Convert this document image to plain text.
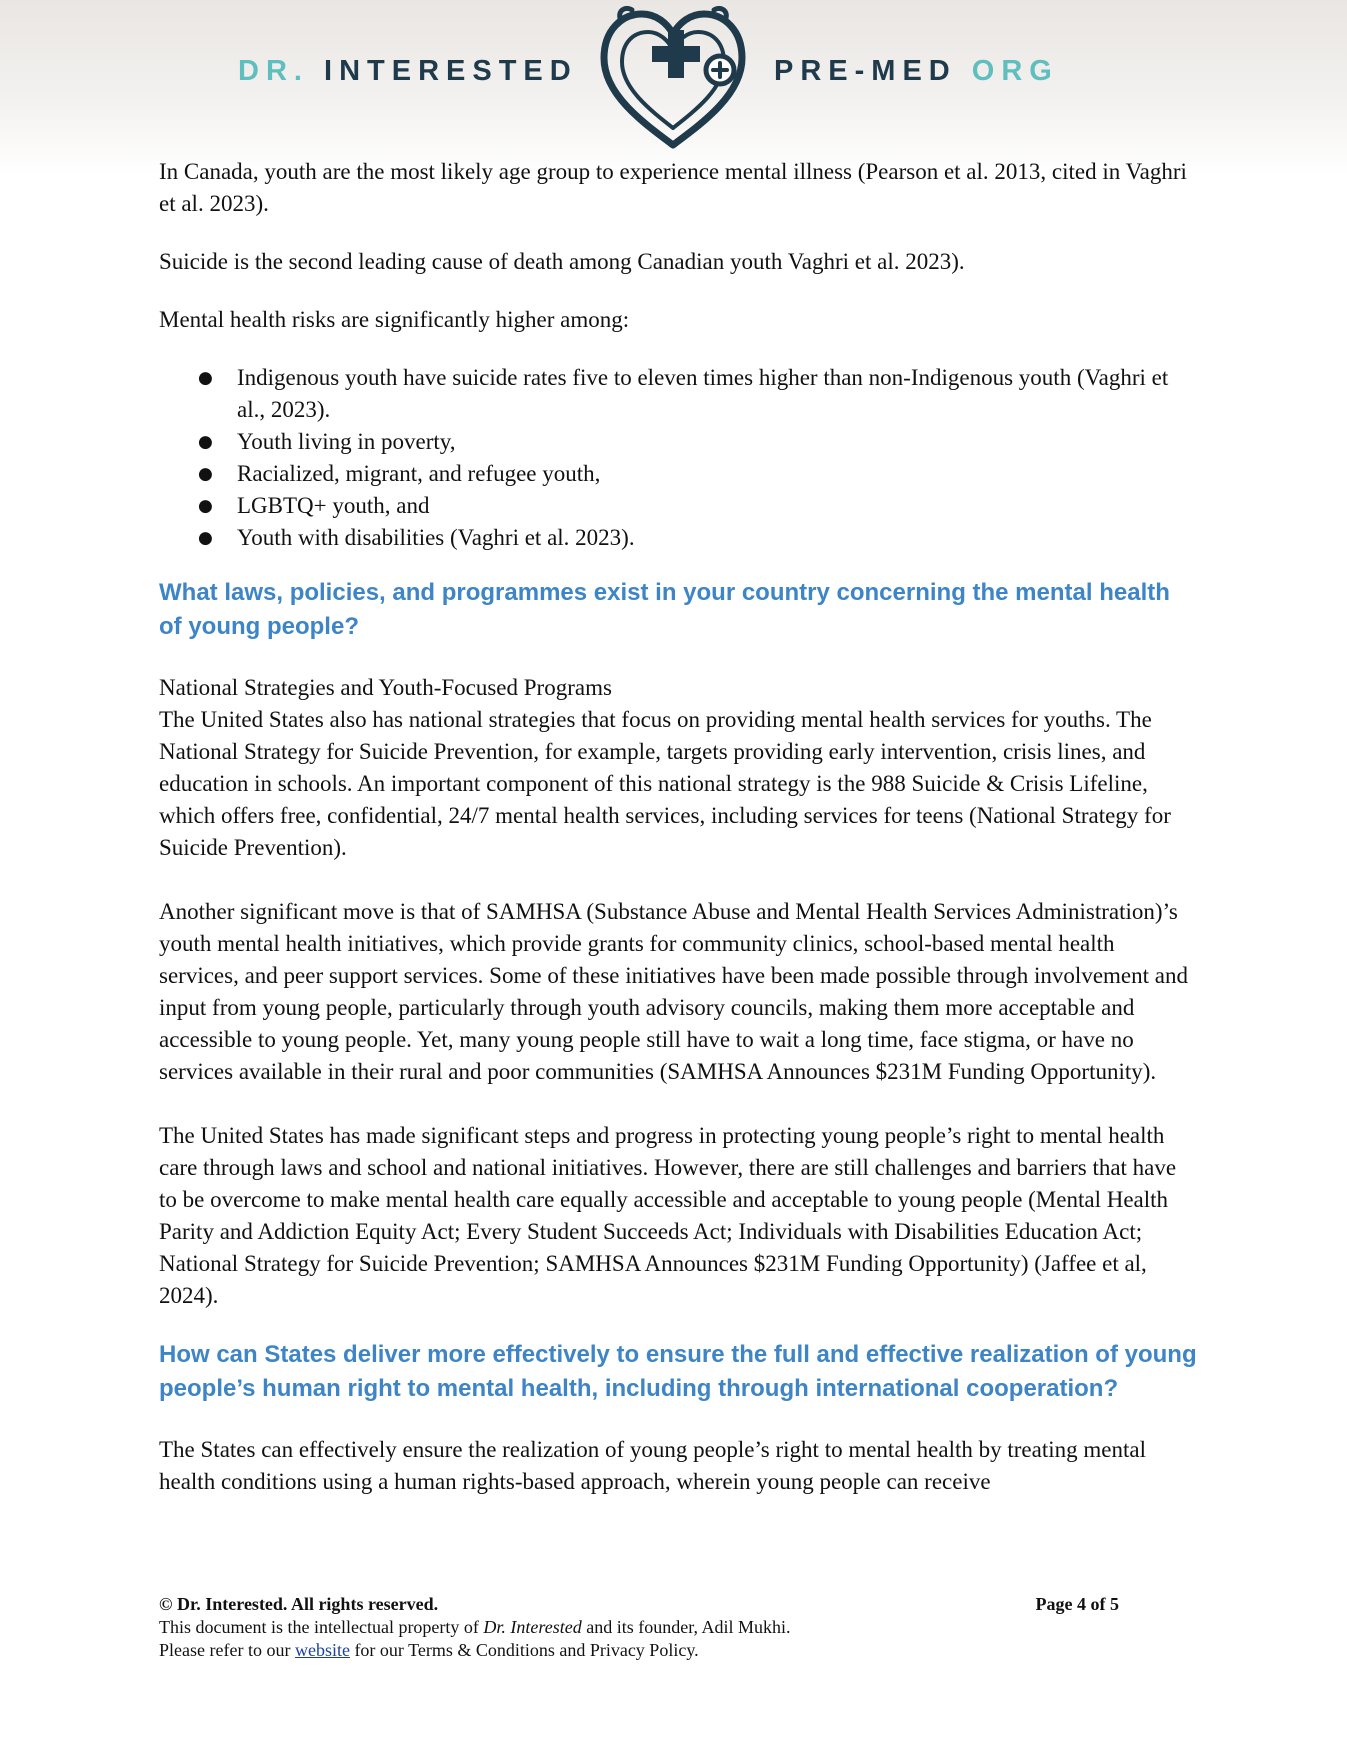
DR. INTERESTED	PRE-MED ORG

In Canada, youth are the most likely age group to experience mental illness (Pearson et al. 2013, cited in Vaghri et al. 2023).

Suicide is the second leading cause of death among Canadian youth Vaghri et al. 2023).

Mental health risks are significantly higher among:

● Indigenous youth have suicide rates five to eleven times higher than non-Indigenous youth (Vaghri et al., 2023).
● Youth living in poverty,
● Racialized, migrant, and refugee youth,
● LGBTQ+ youth, and
● Youth with disabilities (Vaghri et al. 2023).
What laws, policies, and programmes exist in your country concerning the mental health of young people?

National Strategies and Youth-Focused Programs

The United States also has national strategies that focus on providing mental health services for youths. The National Strategy for Suicide Prevention, for example, targets providing early intervention, crisis lines, and education in schools. An important component of this national strategy is the 988 Suicide & Crisis Lifeline, which offers free, confidential, 24/7 mental health services, including services for teens (National Strategy for Suicide Prevention).

Another significant move is that of SAMHSA (Substance Abuse and Mental Health Services Administration)’s youth mental health initiatives, which provide grants for community clinics, school-based mental health services, and peer support services. Some of these initiatives have been made possible through involvement and input from young people, particularly through youth advisory councils, making them more acceptable and accessible to young people. Yet, many young people still have to wait a long time, face stigma, or have no services available in their rural and poor communities (SAMHSA Announces $231M Funding Opportunity).

The United States has made significant steps and progress in protecting young people’s right to mental health care through laws and school and national initiatives. However, there are still challenges and barriers that have to be overcome to make mental health care equally accessible and acceptable to young people (Mental Health Parity and Addiction Equity Act; Every Student Succeeds Act; Individuals with Disabilities Education Act; National Strategy for Suicide Prevention; SAMHSA Announces $231M Funding Opportunity) (Jaffee et al, 2024).

How can States deliver more effectively to ensure the full and effective realization of young people’s human right to mental health, including through international cooperation?

The States can effectively ensure the realization of young people’s right to mental health by treating mental health conditions using a human rights-based approach, wherein young people can receive

© Dr. Interested. All rights reserved.	Page 4 of 5
This document is the intellectual property of Dr. Interested and its founder, Adil Mukhi.
Please refer to our website for our Terms & Conditions and Privacy Policy.
